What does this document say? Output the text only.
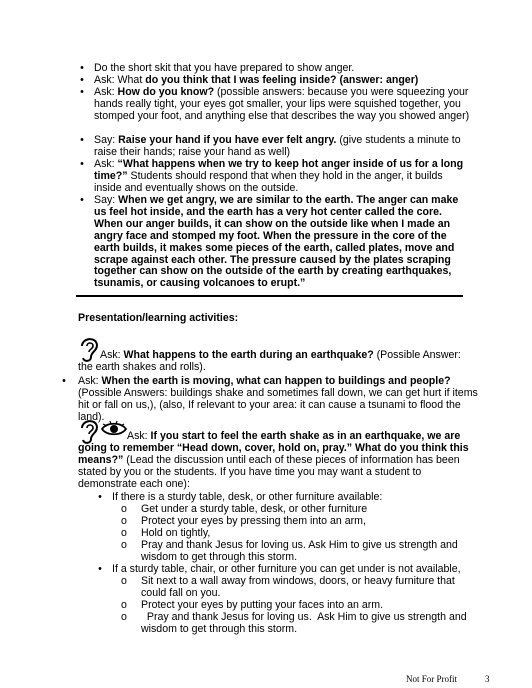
• Do the short skit that you have prepared to show anger.
• Ask: What do you think that I was feeling inside? (answer: anger)
• Ask: How do you know? (possible answers: because you were squeezing your hands really tight, your eyes got smaller, your lips were squished together, you stomped your foot, and anything else that describes the way you showed anger)
• Say: Raise your hand if you have ever felt angry. (give students a minute to raise their hands; raise your hand as well)
• Ask: “What happens when we try to keep hot anger inside of us for a long time?” Students should respond that when they hold in the anger, it builds inside and eventually shows on the outside.
• Say: When we get angry, we are similar to the earth. The anger can make us feel hot inside, and the earth has a very hot center called the core. When our anger builds, it can show on the outside like when I made an angry face and stomped my foot. When the pressure in the core of the earth builds, it makes some pieces of the earth, called plates, move and scrape against each other. The pressure caused by the plates scraping together can show on the outside of the earth by creating earthquakes, tsunamis, or causing volcanoes to erupt.”
Presentation/learning activities:
Ask: What happens to the earth during an earthquake? (Possible Answer: the earth shakes and rolls).
• Ask: When the earth is moving, what can happen to buildings and people? (Possible Answers: buildings shake and sometimes fall down, we can get hurt if items hit or fall on us,), (also, If relevant to your area: it can cause a tsunami to flood the land).
Ask: If you start to feel the earth shake as in an earthquake, we are going to remember “Head down, cover, hold on, pray.” What do you think this means?” (Lead the discussion until each of these pieces of information has been stated by you or the students. If you have time you may want a student to demonstrate each one):
• If there is a sturdy table, desk, or other furniture available:
o Get under a sturdy table, desk, or other furniture
o Protect your eyes by pressing them into an arm,
o Hold on tightly,
o Pray and thank Jesus for loving us. Ask Him to give us strength and wisdom to get through this storm.
• If a sturdy table, chair, or other furniture you can get under is not available,
o Sit next to a wall away from windows, doors, or heavy furniture that could fall on you.
o Protect your eyes by putting your faces into an arm.
o Pray and thank Jesus for loving us.  Ask Him to give us strength and wisdom to get through this storm.
Not For Profit	3
